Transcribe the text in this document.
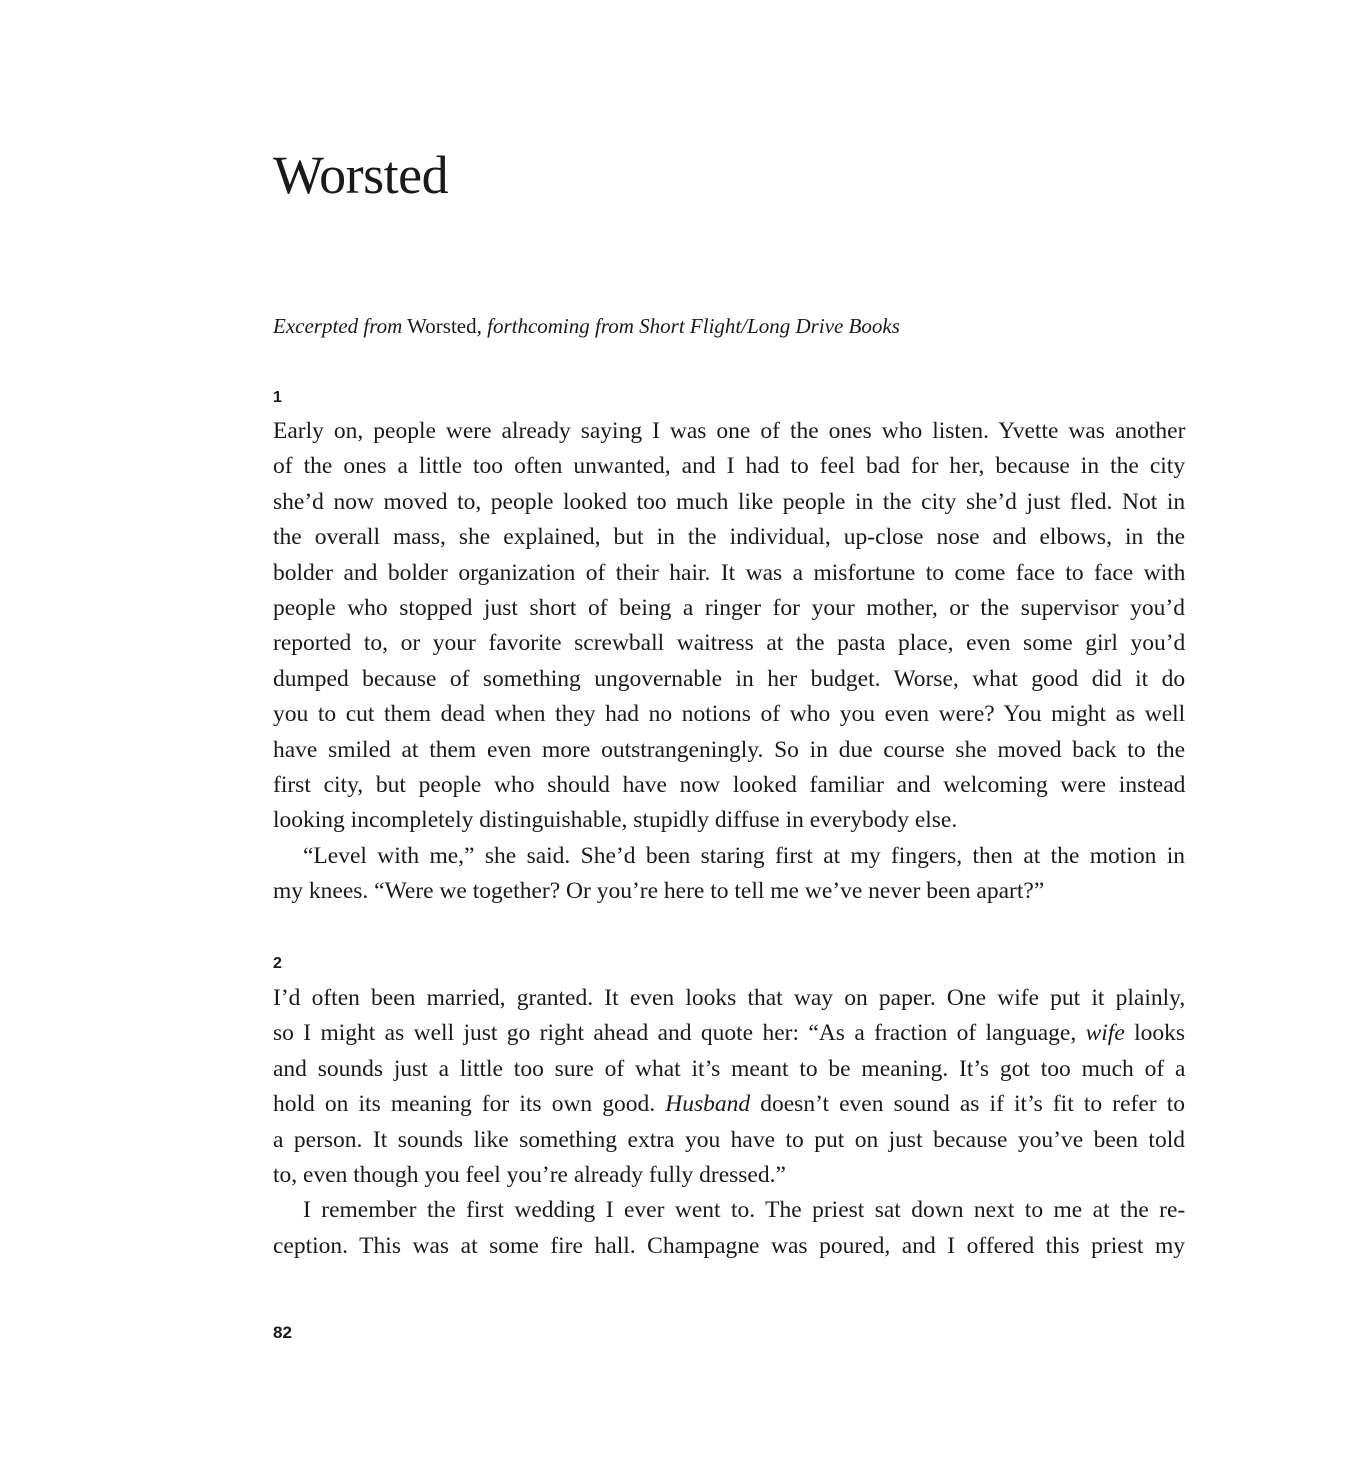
Worsted

Excerpted from Worsted, forthcoming from Short Flight/Long Drive Books

1

Early on, people were already saying I was one of the ones who listen. Yvette was another
of the ones a little too often unwanted, and I had to feel bad for her, because in the city
she’d now moved to, people looked too much like people in the city she’d just fled. Not in
the overall mass, she explained, but in the individual, up-close nose and elbows, in the
bolder and bolder organization of their hair. It was a misfortune to come face to face with
people who stopped just short of being a ringer for your mother, or the supervisor you’d
reported to, or your favorite screwball waitress at the pasta place, even some girl you’d
dumped because of something ungovernable in her budget. Worse, what good did it do
you to cut them dead when they had no notions of who you even were? You might as well
have smiled at them even more outstrangeningly. So in due course she moved back to the
first city, but people who should have now looked familiar and welcoming were instead
looking incompletely distinguishable, stupidly diffuse in everybody else.

“Level with me,” she said. She’d been staring first at my fingers, then at the motion in
my knees. “Were we together? Or you’re here to tell me we’ve never been apart?”

2

I’d often been married, granted. It even looks that way on paper. One wife put it plainly,
so I might as well just go right ahead and quote her: “As a fraction of language, wife looks
and sounds just a little too sure of what it’s meant to be meaning. It’s got too much of a
hold on its meaning for its own good. Husband doesn’t even sound as if it’s fit to refer to
a person. It sounds like something extra you have to put on just because you’ve been told
to, even though you feel you’re already fully dressed.”

I remember the first wedding I ever went to. The priest sat down next to me at the re-
ception. This was at some fire hall. Champagne was poured, and I offered this priest my

82
